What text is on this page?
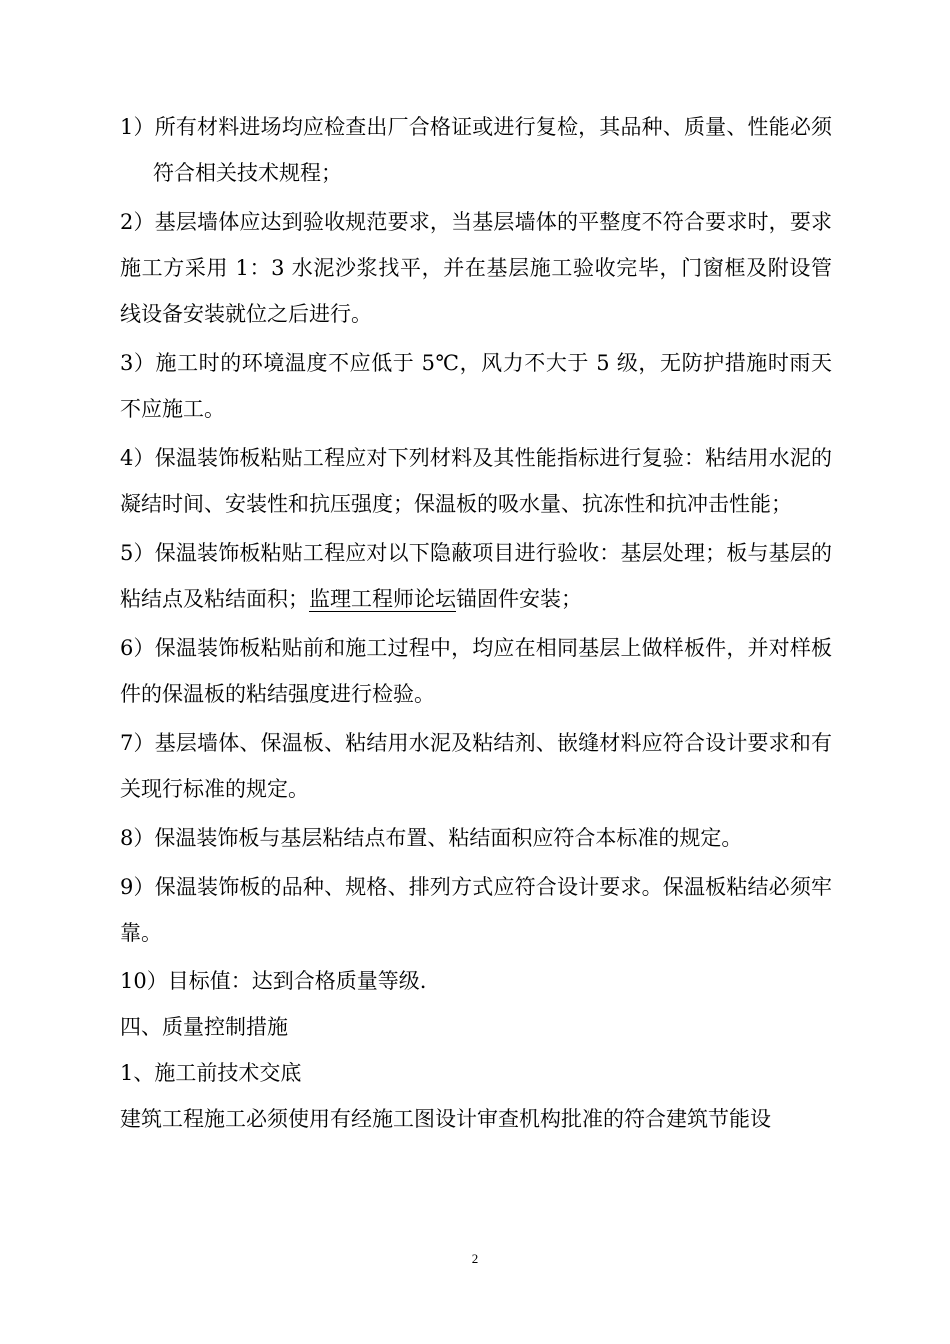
1）所有材料进场均应检查出厂合格证或进行复检，其品种、质量、性能必须符合相关技术规程；

2）基层墙体应达到验收规范要求，当基层墙体的平整度不符合要求时，要求施工方采用 1：3 水泥沙浆找平，并在基层施工验收完毕，门窗框及附设管线设备安装就位之后进行。

3）施工时的环境温度不应低于 5℃，风力不大于 5 级，无防护措施时雨天不应施工。

4）保温装饰板粘贴工程应对下列材料及其性能指标进行复验：粘结用水泥的凝结时间、安装性和抗压强度；保温板的吸水量、抗冻性和抗冲击性能；

5）保温装饰板粘贴工程应对以下隐蔽项目进行验收：基层处理；板与基层的粘结点及粘结面积；监理工程师论坛锚固件安装；

6）保温装饰板粘贴前和施工过程中，均应在相同基层上做样板件，并对样板件的保温板的粘结强度进行检验。

7）基层墙体、保温板、粘结用水泥及粘结剂、嵌缝材料应符合设计要求和有关现行标准的规定。

8）保温装饰板与基层粘结点布置、粘结面积应符合本标准的规定。

9）保温装饰板的品种、规格、排列方式应符合设计要求。保温板粘结必须牢靠。

10）目标值：达到合格质量等级.

四、质量控制措施

1、施工前技术交底

建筑工程施工必须使用有经施工图设计审查机构批准的符合建筑节能设

2
